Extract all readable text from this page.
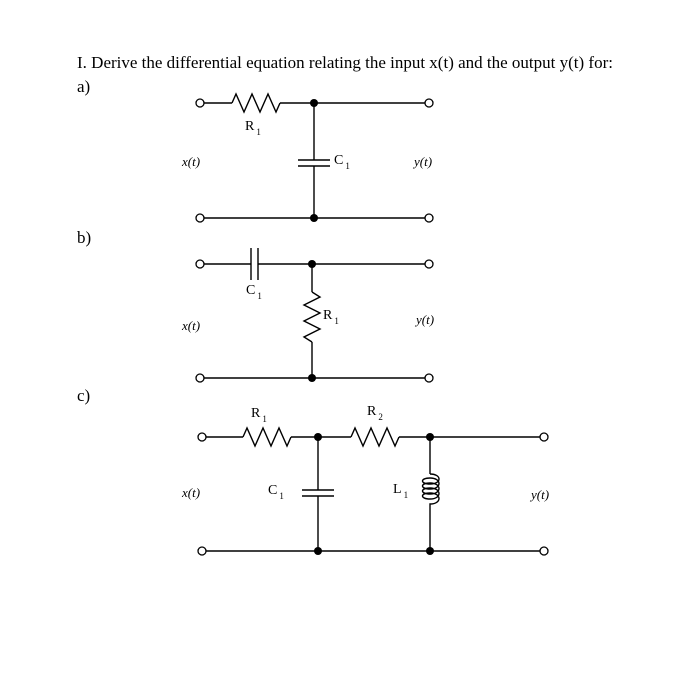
I. Derive the differential equation relating the input x(t) and the output y(t) for:
a)
b)
c)
x(t)	y(t)
R $_1$
C $_1$
x(t)	y(t)
C $_1$
R $_1$
x(t)	y(t)
R $_1$	R $_2$
C $_1$	L $_1$
